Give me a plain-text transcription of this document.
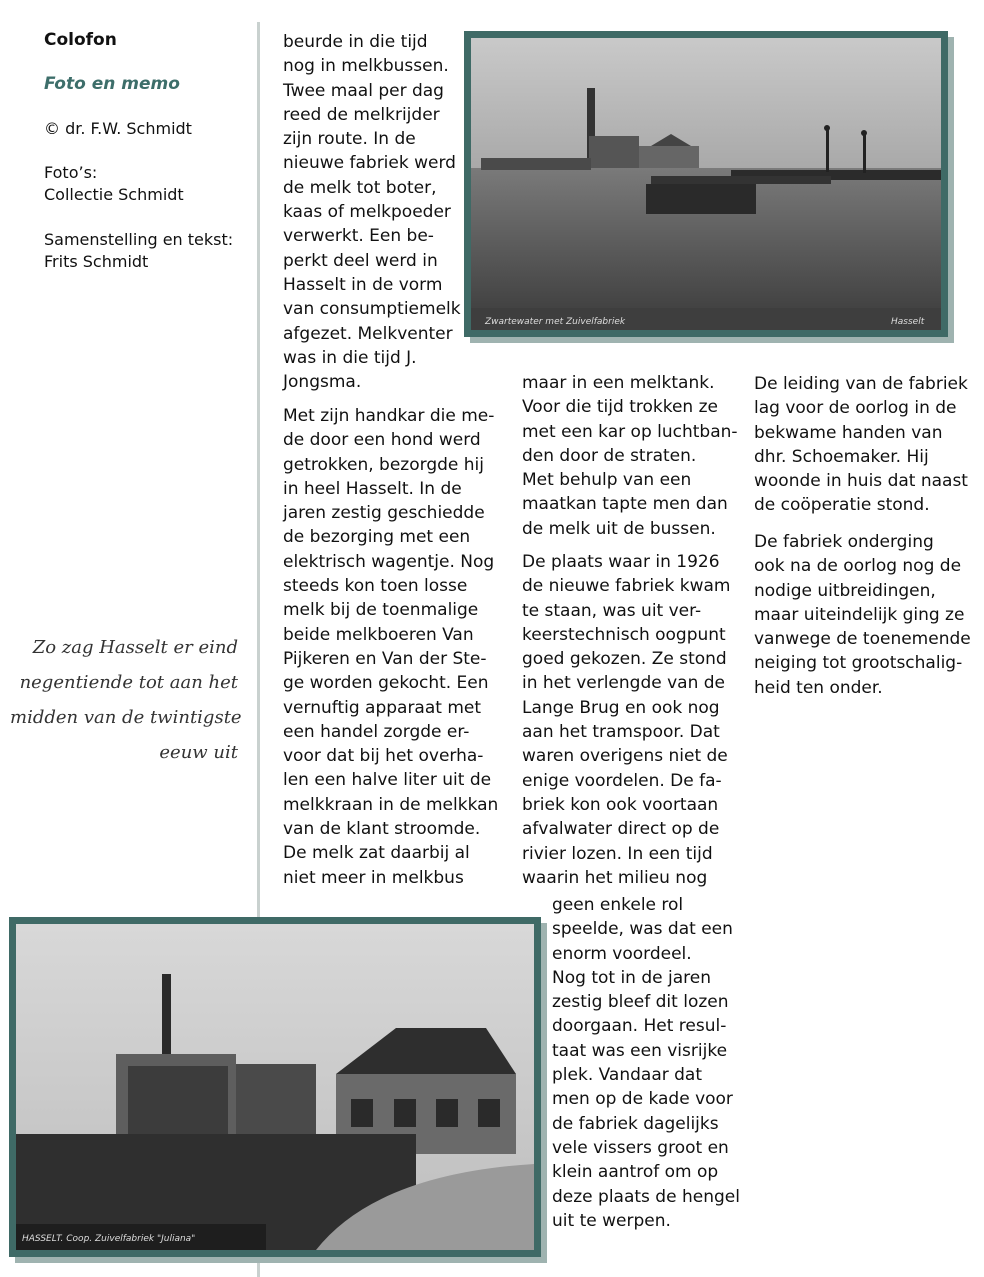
Colofon
Foto en memo
© dr. F.W. Schmidt
Foto’s:
Collectie Schmidt
Samenstelling en tekst:
Frits Schmidt
Zo zag Hasselt er eind
negentiende tot aan het
midden van de twintigste
eeuw uit
Zwartewater met Zuivelfabriek	Hasselt
beurde in die tijd
nog in melkbussen.
Twee maal per dag
reed de melkrijder
zijn route. In de
nieuwe fabriek werd
de melk tot boter,
kaas of melkpoeder
verwerkt. Een be-
perkt deel werd in
Hasselt in de vorm
van consumptiemelk
afgezet. Melkventer
was in die tijd J.
Jongsma.
Met zijn handkar die me-
de door een hond werd
getrokken, bezorgde hij
in heel Hasselt. In de
jaren zestig geschiedde
de bezorging met een
elektrisch wagentje. Nog
steeds kon toen losse
melk bij de toenmalige
beide melkboeren Van
Pijkeren en Van der Ste-
ge worden gekocht. Een
vernuftig apparaat met
een handel zorgde er-
voor dat bij het overha-
len een halve liter uit de
melkkraan in de melkkan
van de klant stroomde.
De melk zat daarbij al
niet meer in melkbus
maar in een melktank.
Voor die tijd trokken ze
met een kar op luchtban-
den door de straten.
Met behulp van een
maatkan tapte men dan
de melk uit de bussen.
De plaats waar in 1926
de nieuwe fabriek kwam
te staan, was uit ver-
keerstechnisch oogpunt
goed gekozen. Ze stond
in het verlengde van de
Lange Brug en ook nog
aan het tramspoor. Dat
waren overigens niet de
enige voordelen. De fa-
briek kon ook voortaan
afvalwater direct op de
rivier lozen. In een tijd
waarin het milieu nog
geen enkele rol
speelde, was dat een
enorm voordeel.
Nog tot in de jaren
zestig bleef dit lozen
doorgaan. Het resul-
taat was een visrijke
plek. Vandaar dat
men op de kade voor
de fabriek dagelijks
vele vissers groot en
klein aantrof om op
deze plaats de hengel
uit te werpen.
De leiding van de fabriek
lag voor de oorlog in de
bekwame handen van
dhr. Schoemaker. Hij
woonde in huis dat naast
de coöperatie stond.
De fabriek onderging
ook na de oorlog nog de
nodige uitbreidingen,
maar uiteindelijk ging ze
vanwege de toenemende
neiging tot grootschalig-
heid ten onder.
HASSELT. Coop. Zuivelfabriek "Juliana"
